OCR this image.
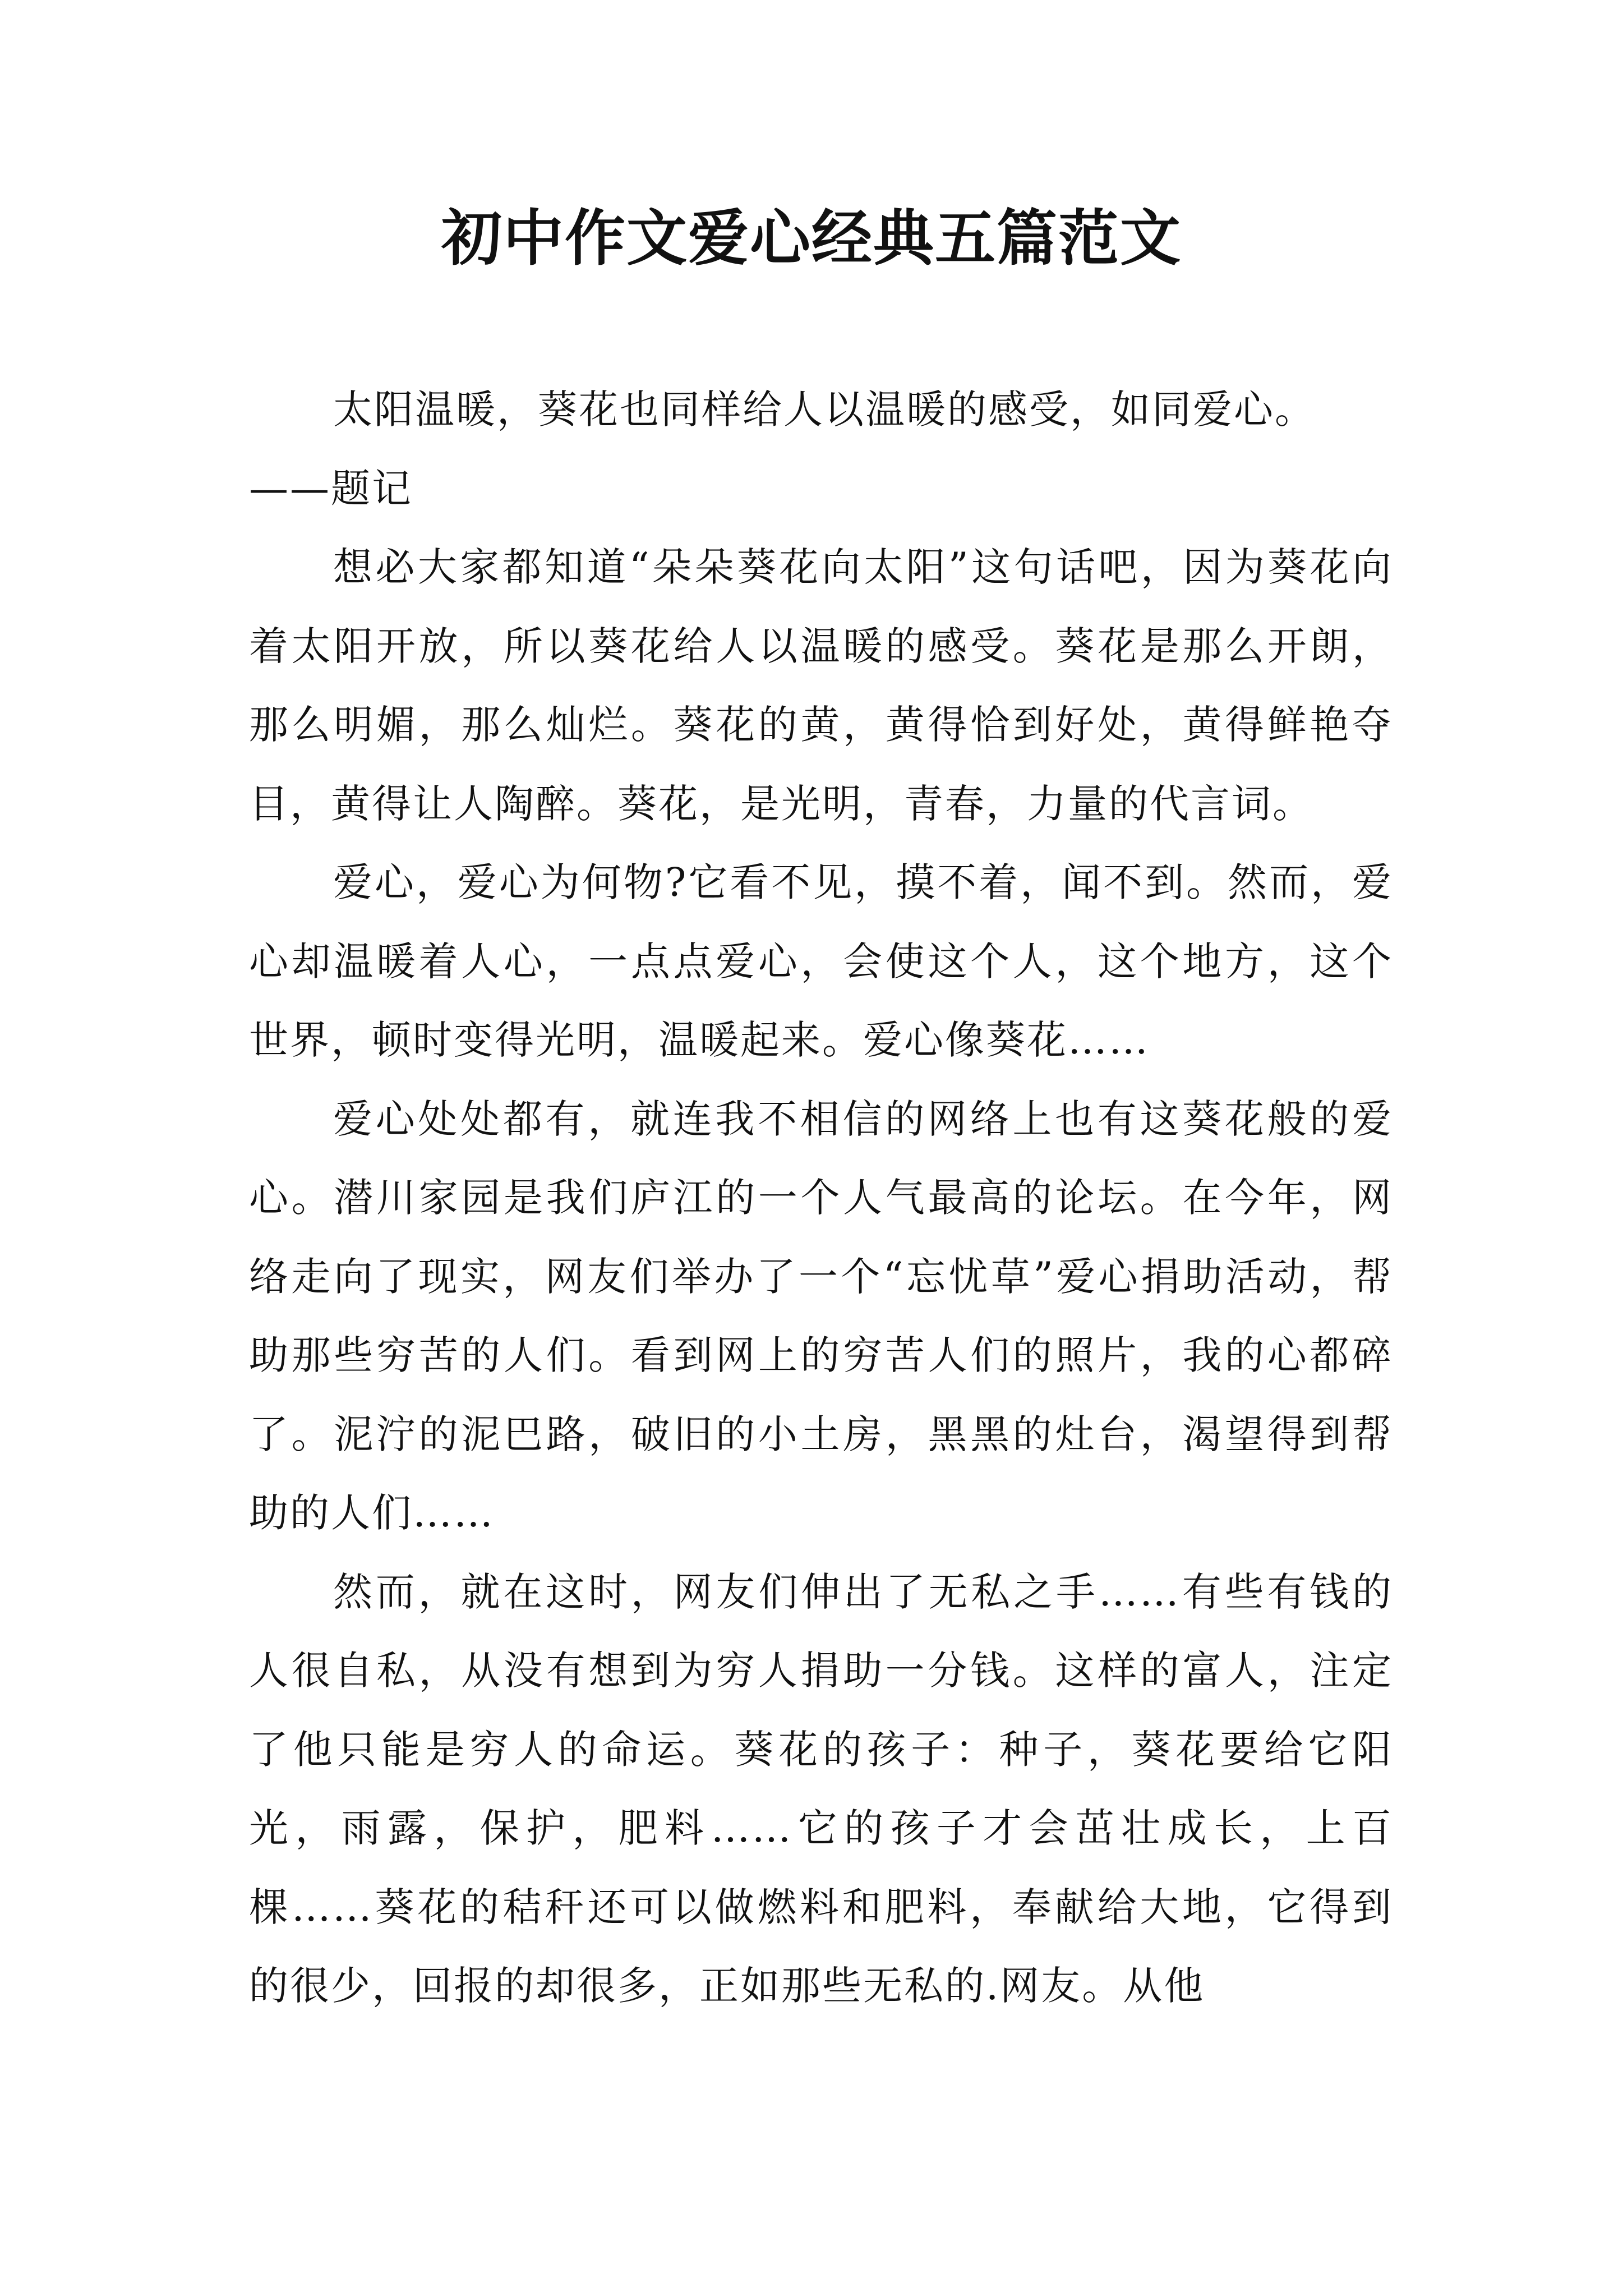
初中作文爱心经典五篇范文

太阳温暖，葵花也同样给人以温暖的感受，如同爱心。

——题记

想必大家都知道“朵朵葵花向太阳”这句话吧，因为葵花向着太阳开放，所以葵花给人以温暖的感受。葵花是那么开朗，那么明媚，那么灿烂。葵花的黄，黄得恰到好处，黄得鲜艳夺目，黄得让人陶醉。葵花，是光明，青春，力量的代言词。

爱心，爱心为何物?它看不见，摸不着，闻不到。然而，爱心却温暖着人心，一点点爱心，会使这个人，这个地方，这个世界，顿时变得光明，温暖起来。爱心像葵花……

爱心处处都有，就连我不相信的网络上也有这葵花般的爱心。潜川家园是我们庐江的一个人气最高的论坛。在今年，网络走向了现实，网友们举办了一个“忘忧草”爱心捐助活动，帮助那些穷苦的人们。看到网上的穷苦人们的照片，我的心都碎了。泥泞的泥巴路，破旧的小土房，黑黑的灶台，渴望得到帮助的人们……

然而，就在这时，网友们伸出了无私之手……有些有钱的人很自私，从没有想到为穷人捐助一分钱。这样的富人，注定了他只能是穷人的命运。葵花的孩子：种子，葵花要给它阳光，雨露，保护，肥料……它的孩子才会茁壮成长，上百棵……葵花的秸秆还可以做燃料和肥料，奉献给大地，它得到的很少，回报的却很多，正如那些无私的.网友。从他
